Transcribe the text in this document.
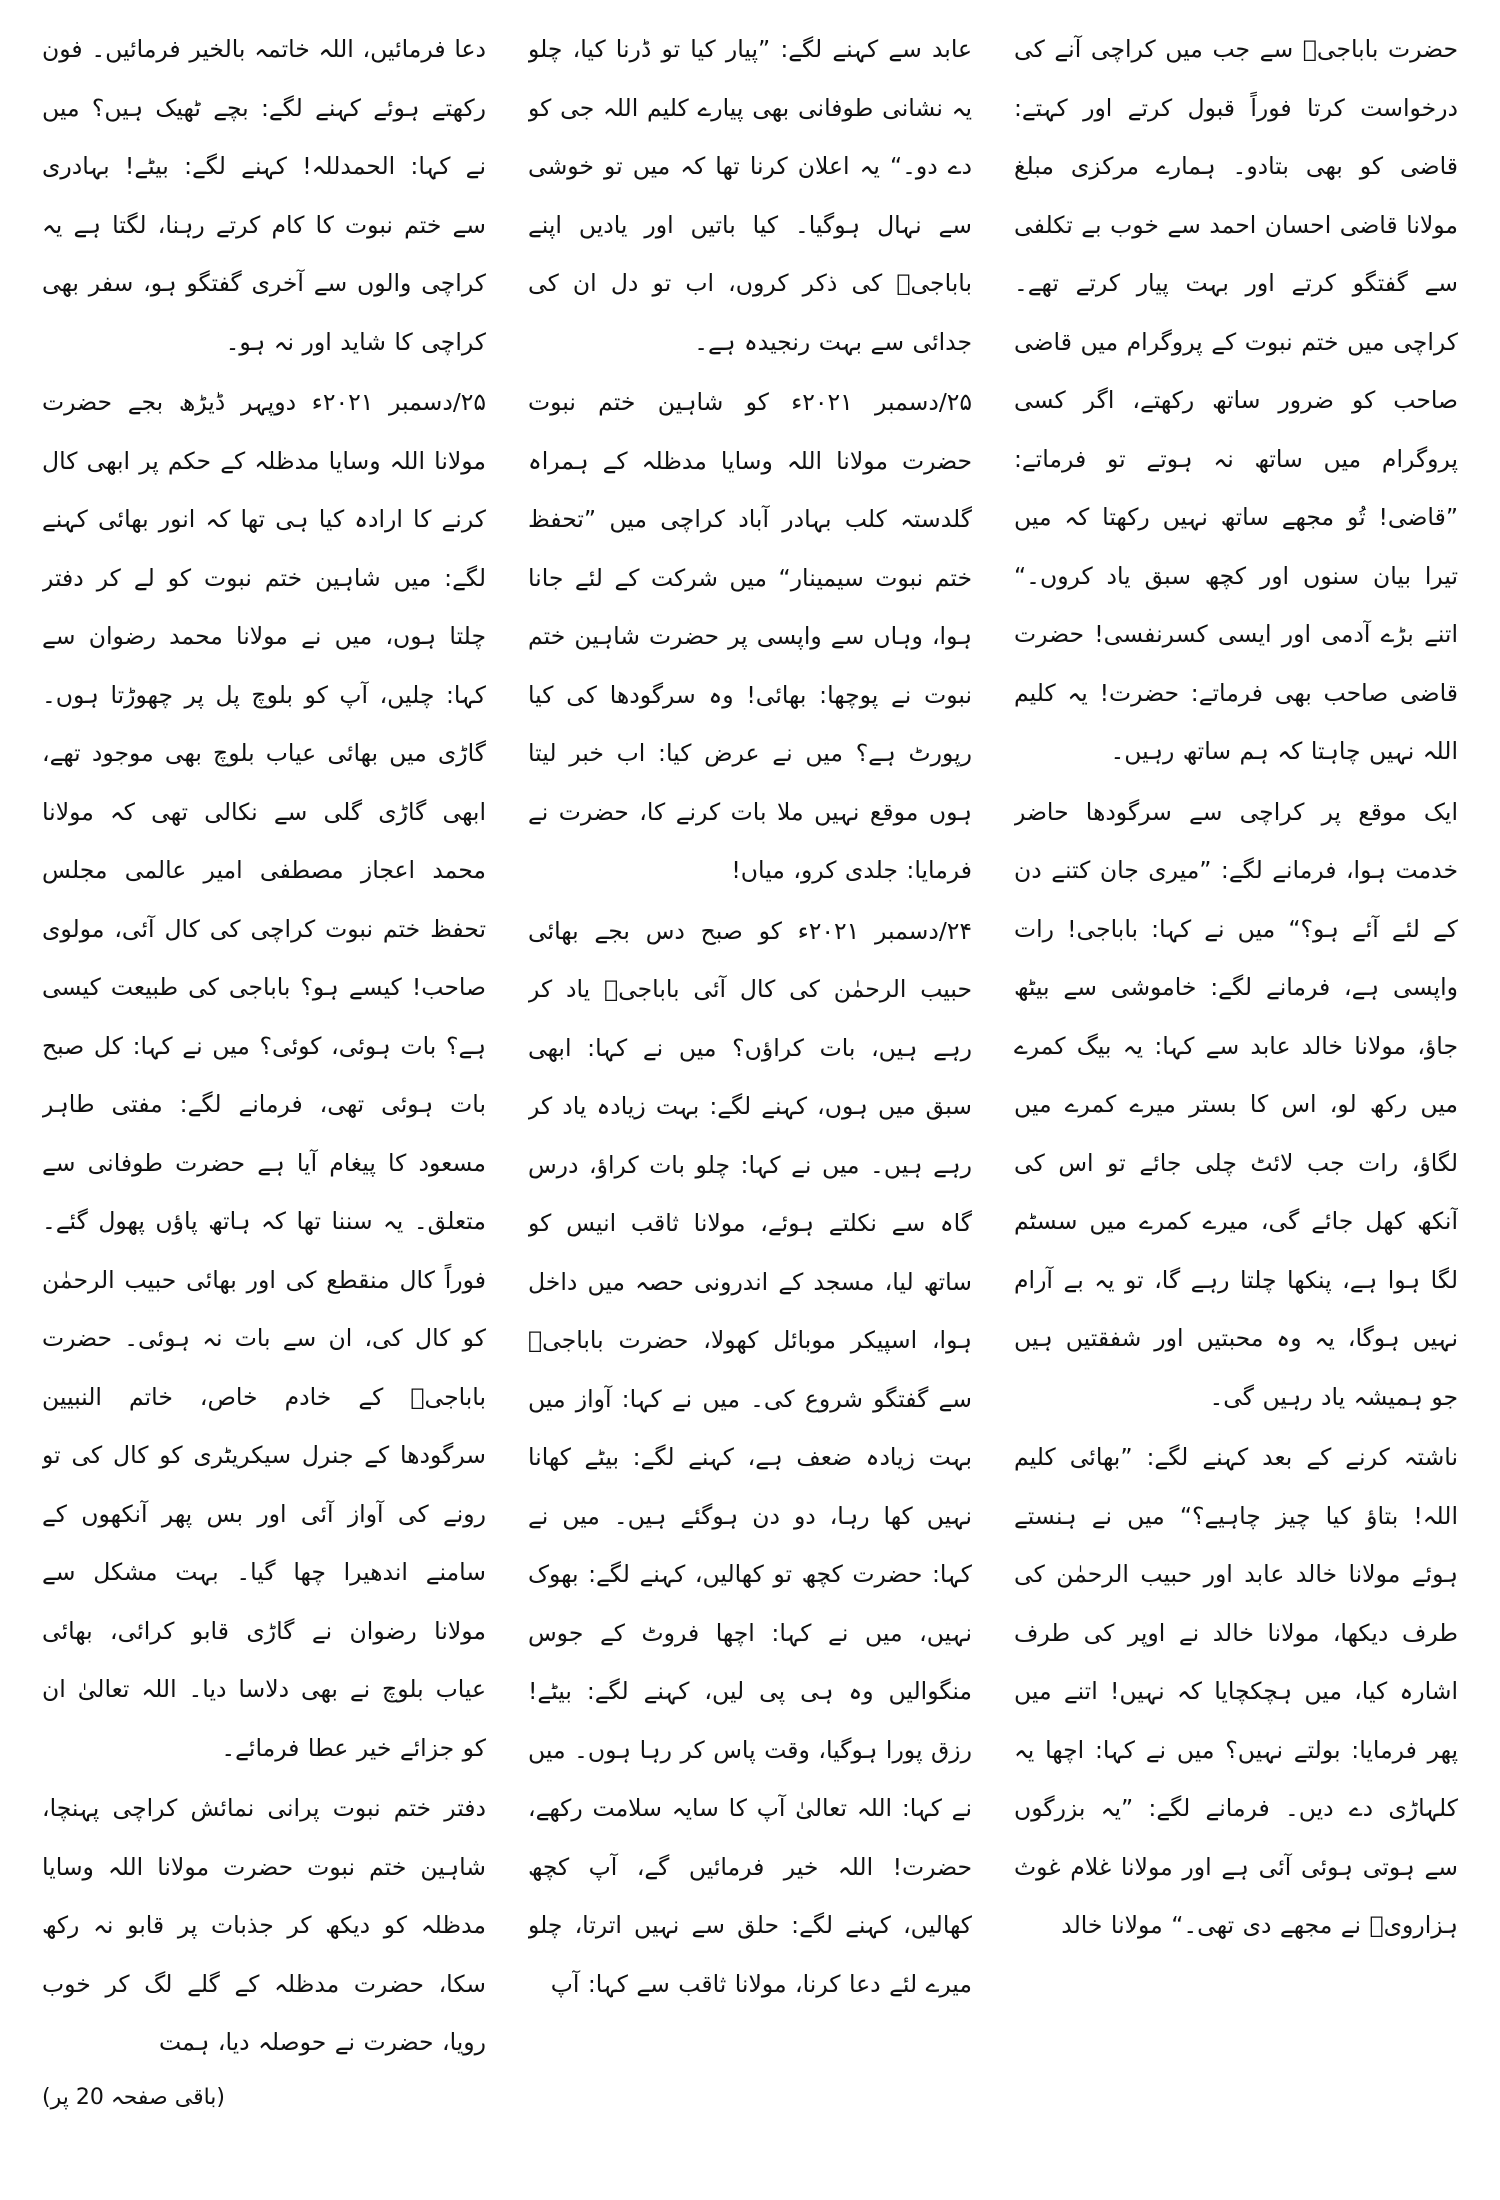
حضرت باباجیؒ سے جب میں کراچی آنے کی درخواست کرتا فوراً قبول کرتے اور کہتے: قاضی کو بھی بتادو۔ ہمارے مرکزی مبلغ مولانا قاضی احسان احمد سے خوب بے تکلفی سے گفتگو کرتے اور بہت پیار کرتے تھے۔ کراچی میں ختم نبوت کے پروگرام میں قاضی صاحب کو ضرور ساتھ رکھتے، اگر کسی پروگرام میں ساتھ نہ ہوتے تو فرماتے: ”قاضی! تُو مجھے ساتھ نہیں رکھتا کہ میں تیرا بیان سنوں اور کچھ سبق یاد کروں۔“ اتنے بڑے آدمی اور ایسی کسرنفسی! حضرت قاضی صاحب بھی فرماتے: حضرت! یہ کلیم اللہ نہیں چاہتا کہ ہم ساتھ رہیں۔

ایک موقع پر کراچی سے سرگودھا حاضر خدمت ہوا، فرمانے لگے: ”میری جان کتنے دن کے لئے آئے ہو؟“ میں نے کہا: باباجی! رات واپسی ہے، فرمانے لگے: خاموشی سے بیٹھ جاؤ، مولانا خالد عابد سے کہا: یہ بیگ کمرے میں رکھ لو، اس کا بستر میرے کمرے میں لگاؤ، رات جب لائٹ چلی جائے تو اس کی آنکھ کھل جائے گی، میرے کمرے میں سسٹم لگا ہوا ہے، پنکھا چلتا رہے گا، تو یہ بے آرام نہیں ہوگا، یہ وہ محبتیں اور شفقتیں ہیں جو ہمیشہ یاد رہیں گی۔

ناشتہ کرنے کے بعد کہنے لگے: ”بھائی کلیم اللہ! بتاؤ کیا چیز چاہیے؟“ میں نے ہنستے ہوئے مولانا خالد عابد اور حبیب الرحمٰن کی طرف دیکھا، مولانا خالد نے اوپر کی طرف اشارہ کیا، میں ہچکچایا کہ نہیں! اتنے میں پھر فرمایا: بولتے نہیں؟ میں نے کہا: اچھا یہ کلہاڑی دے دیں۔ فرمانے لگے: ”یہ بزرگوں سے ہوتی ہوئی آئی ہے اور مولانا غلام غوث ہزارویؒ نے مجھے دی تھی۔“ مولانا خالد

عابد سے کہنے لگے: ”پیار کیا تو ڈرنا کیا، چلو یہ نشانی طوفانی بھی پیارے کلیم اللہ جی کو دے دو۔“ یہ اعلان کرنا تھا کہ میں تو خوشی سے نہال ہوگیا۔ کیا باتیں اور یادیں اپنے باباجیؒ کی ذکر کروں، اب تو دل ان کی جدائی سے بہت رنجیدہ ہے۔

۲۵/دسمبر ۲۰۲۱ء کو شاہین ختم نبوت حضرت مولانا اللہ وسایا مدظلہ کے ہمراہ گلدستہ کلب بہادر آباد کراچی میں ”تحفظ ختم نبوت سیمینار“ میں شرکت کے لئے جانا ہوا، وہاں سے واپسی پر حضرت شاہین ختم نبوت نے پوچھا: بھائی! وہ سرگودھا کی کیا رپورٹ ہے؟ میں نے عرض کیا: اب خبر لیتا ہوں موقع نہیں ملا بات کرنے کا، حضرت نے فرمایا: جلدی کرو، میاں!

۲۴/دسمبر ۲۰۲۱ء کو صبح دس بجے بھائی حبیب الرحمٰن کی کال آئی باباجیؒ یاد کر رہے ہیں، بات کراؤں؟ میں نے کہا: ابھی سبق میں ہوں، کہنے لگے: بہت زیادہ یاد کر رہے ہیں۔ میں نے کہا: چلو بات کراؤ، درس گاہ سے نکلتے ہوئے، مولانا ثاقب انیس کو ساتھ لیا، مسجد کے اندرونی حصہ میں داخل ہوا، اسپیکر موبائل کھولا، حضرت باباجیؒ سے گفتگو شروع کی۔ میں نے کہا: آواز میں بہت زیادہ ضعف ہے، کہنے لگے: بیٹے کھانا نہیں کھا رہا، دو دن ہوگئے ہیں۔ میں نے کہا: حضرت کچھ تو کھالیں، کہنے لگے: بھوک نہیں، میں نے کہا: اچھا فروٹ کے جوس منگوالیں وہ ہی پی لیں، کہنے لگے: بیٹے! رزق پورا ہوگیا، وقت پاس کر رہا ہوں۔ میں نے کہا: اللہ تعالیٰ آپ کا سایہ سلامت رکھے، حضرت! اللہ خیر فرمائیں گے، آپ کچھ کھالیں، کہنے لگے: حلق سے نہیں اترتا، چلو میرے لئے دعا کرنا، مولانا ثاقب سے کہا: آپ

دعا فرمائیں، اللہ خاتمہ بالخیر فرمائیں۔ فون رکھتے ہوئے کہنے لگے: بچے ٹھیک ہیں؟ میں نے کہا: الحمدللہ! کہنے لگے: بیٹے! بہادری سے ختم نبوت کا کام کرتے رہنا، لگتا ہے یہ کراچی والوں سے آخری گفتگو ہو، سفر بھی کراچی کا شاید اور نہ ہو۔

۲۵/دسمبر ۲۰۲۱ء دوپہر ڈیڑھ بجے حضرت مولانا اللہ وسایا مدظلہ کے حکم پر ابھی کال کرنے کا ارادہ کیا ہی تھا کہ انور بھائی کہنے لگے: میں شاہین ختم نبوت کو لے کر دفتر چلتا ہوں، میں نے مولانا محمد رضوان سے کہا: چلیں، آپ کو بلوچ پل پر چھوڑتا ہوں۔ گاڑی میں بھائی عیاب بلوچ بھی موجود تھے، ابھی گاڑی گلی سے نکالی تھی کہ مولانا محمد اعجاز مصطفی امیر عالمی مجلس تحفظ ختم نبوت کراچی کی کال آئی، مولوی صاحب! کیسے ہو؟ باباجی کی طبیعت کیسی ہے؟ بات ہوئی، کوئی؟ میں نے کہا: کل صبح بات ہوئی تھی، فرمانے لگے: مفتی طاہر مسعود کا پیغام آیا ہے حضرت طوفانی سے متعلق۔ یہ سننا تھا کہ ہاتھ پاؤں پھول گئے۔ فوراً کال منقطع کی اور بھائی حبیب الرحمٰن کو کال کی، ان سے بات نہ ہوئی۔ حضرت باباجیؒ کے خادم خاص، خاتم النبیین سرگودھا کے جنرل سیکریٹری کو کال کی تو رونے کی آواز آئی اور بس پھر آنکھوں کے سامنے اندھیرا چھا گیا۔ بہت مشکل سے مولانا رضوان نے گاڑی قابو کرائی، بھائی عیاب بلوچ نے بھی دلاسا دیا۔ اللہ تعالیٰ ان کو جزائے خیر عطا فرمائے۔

دفتر ختم نبوت پرانی نمائش کراچی پہنچا، شاہین ختم نبوت حضرت مولانا اللہ وسایا مدظلہ کو دیکھ کر جذبات پر قابو نہ رکھ سکا، حضرت مدظلہ کے گلے لگ کر خوب رویا، حضرت نے حوصلہ دیا، ہمت

(باقی صفحہ 20 پر)
